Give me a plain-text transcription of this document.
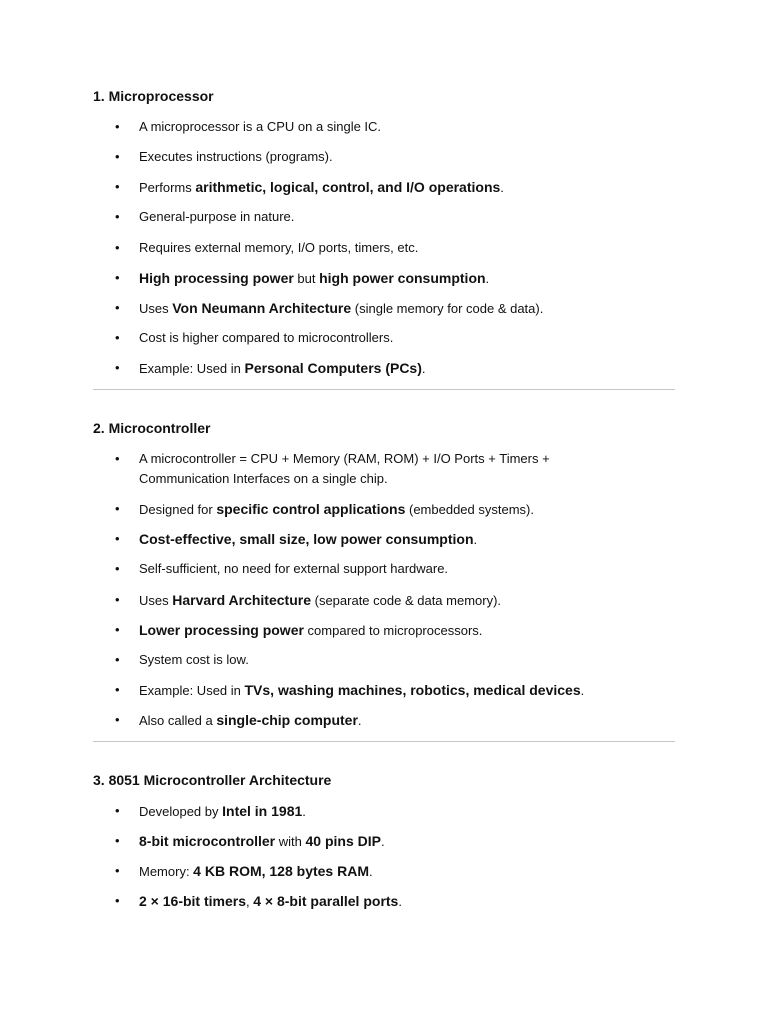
1. Microprocessor
• A microprocessor is a CPU on a single IC.
• Executes instructions (programs).
• Performs arithmetic, logical, control, and I/O operations.
• General-purpose in nature.
• Requires external memory, I/O ports, timers, etc.
• High processing power but high power consumption.
• Uses Von Neumann Architecture (single memory for code & data).
• Cost is higher compared to microcontrollers.
• Example: Used in Personal Computers (PCs).
2. Microcontroller
• A microcontroller = CPU + Memory (RAM, ROM) + I/O Ports + Timers + Communication Interfaces on a single chip.
• Designed for specific control applications (embedded systems).
• Cost-effective, small size, low power consumption.
• Self-sufficient, no need for external support hardware.
• Uses Harvard Architecture (separate code & data memory).
• Lower processing power compared to microprocessors.
• System cost is low.
• Example: Used in TVs, washing machines, robotics, medical devices.
• Also called a single-chip computer.
3. 8051 Microcontroller Architecture
• Developed by Intel in 1981.
• 8-bit microcontroller with 40 pins DIP.
• Memory: 4 KB ROM, 128 bytes RAM.
• 2 × 16-bit timers, 4 × 8-bit parallel ports.
